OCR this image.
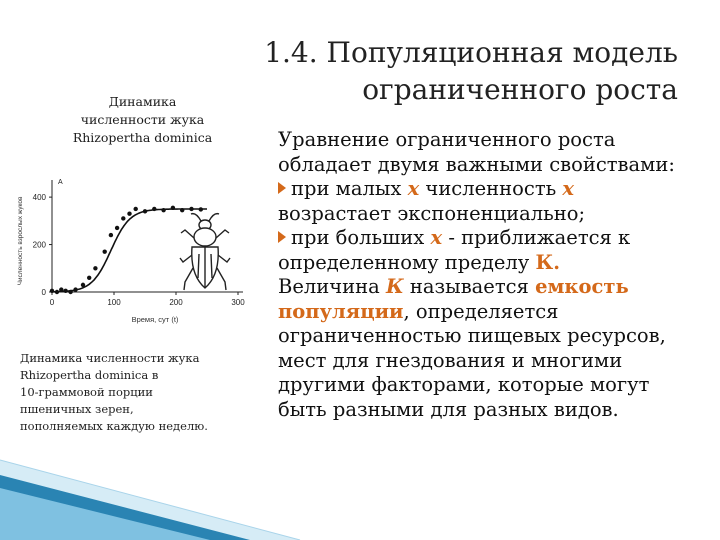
1.4. Популяционная модель
ограниченного роста
Динамика
численности жука
Rhizopertha dominica
A
0
200
400
0	100	200	300
Время, сут (t)
Численность взрослых жуков
Динамика численности жука
Rhizopertha dominica в
10-граммовой порции
пшеничных зерен,
пополняемых каждую неделю.
Уравнение ограниченного роста
обладает двумя важными свойствами:
при малых x численность x
возрастает экспоненциально;
при больших x - приближается к
определенному пределу К.
Величина К называется емкость
популяции, определяется
ограниченностью пищевых ресурсов,
мест для гнездования и многими
другими факторами, которые могут
быть разными для разных видов.
